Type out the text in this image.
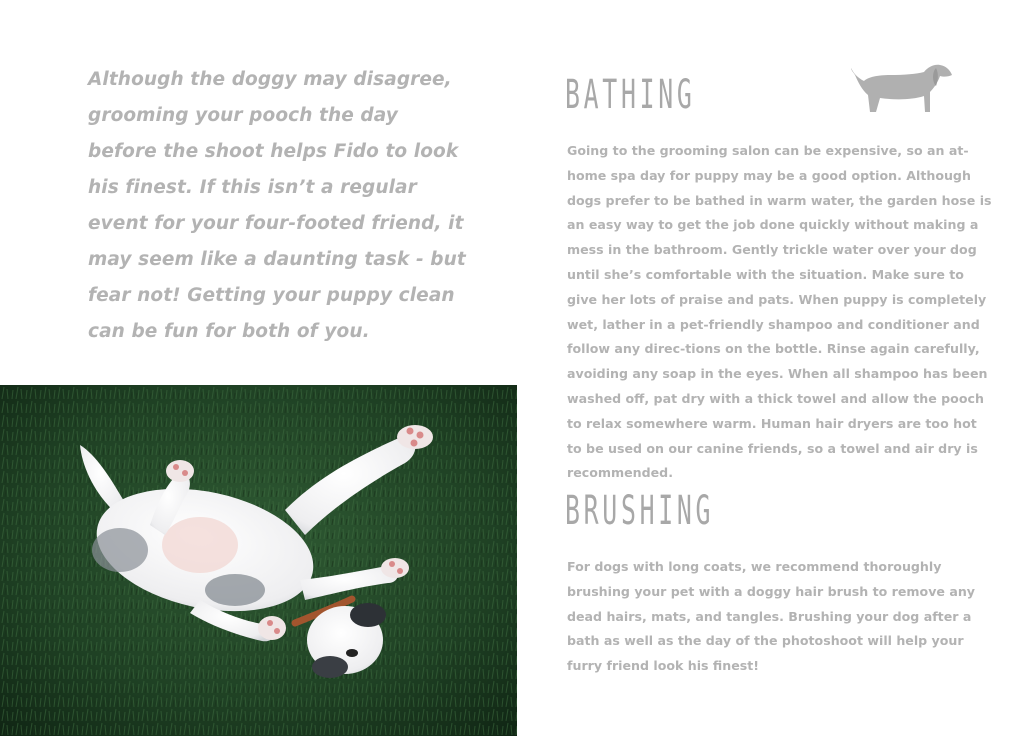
Although the doggy may disagree, grooming your pooch the day before the shoot helps Fido to look his finest. If this isn’t a regular event for your four-footed friend, it may seem like a daunting task - but fear not! Getting your puppy clean can be fun for both of you.
BATHING

Going to the grooming salon can be expensive, so an at-home spa day for puppy may be a good option. Although dogs prefer to be bathed in warm water, the garden hose is an easy way to get the job done quickly without making a mess in the bathroom. Gently trickle water over your dog until she’s comfortable with the situation. Make sure to give her lots of praise and pats. When puppy is completely wet, lather in a pet-friendly shampoo and conditioner and follow any direc-tions on the bottle. Rinse again carefully, avoiding any soap in the eyes. When all shampoo has been washed off, pat dry with a thick towel and allow the pooch to relax somewhere warm. Human hair dryers are too hot to be used on our canine friends, so a towel and air dry is recommended.

BRUSHING

For dogs with long coats, we recommend thoroughly brushing your pet with a doggy hair brush to remove any dead hairs, mats, and tangles. Brushing your dog after a bath as well as the day of the photoshoot will help your furry friend look his finest!
